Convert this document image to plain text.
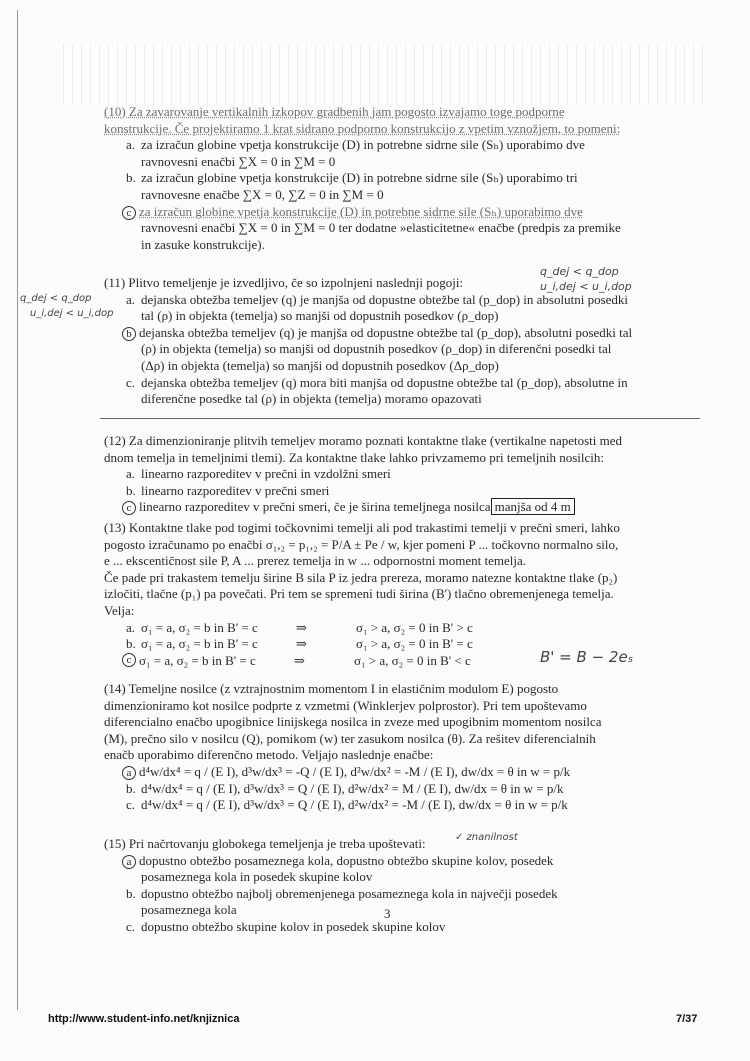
(10) Za zavarovanje vertikalnih izkopov gradbenih jam pogosto izvajamo toge podporne
konstrukcije. Če projektiramo 1 krat sidrano podporno konstrukcijo z vpetim vznožjem, to pomeni:
a. za izračun globine vpetja konstrukcije (D) in potrebne sidrne sile (Sₕ) uporabimo dve
ravnovesni enačbi ∑X = 0 in ∑M = 0
b. za izračun globine vpetja konstrukcije (D) in potrebne sidrne sile (Sₕ) uporabimo tri
ravnovesne enačbe ∑X = 0, ∑Z = 0 in ∑M = 0
c za izračun globine vpetja konstrukcije (D) in potrebne sidrne sile (Sₕ) uporabimo dve
ravnovesni enačbi ∑X = 0 in ∑M = 0 ter dodatne »elasticitetne« enačbe (predpis za premike
in zasuke konstrukcije).
(11) Plitvo temeljenje je izvedljivo, če so izpolnjeni naslednji pogoji:
a. dejanska obtežba temeljev (q) je manjša od dopustne obtežbe tal (p_dop) in absolutni posedki
tal (ρ) in objekta (temelja) so manjši od dopustnih posedkov (ρ_dop)
b dejanska obtežba temeljev (q) je manjša od dopustne obtežbe tal (p_dop), absolutni posedki tal
(ρ) in objekta (temelja) so manjši od dopustnih posedkov (ρ_dop) in diferenčni posedki tal
(Δρ) in objekta (temelja) so manjši od dopustnih posedkov (Δρ_dop)
c. dejanska obtežba temeljev (q) mora biti manjša od dopustne obtežbe tal (p_dop), absolutne in
diferenčne posedke tal (ρ) in objekta (temelja) moramo opazovati
q_dej < q_dop
u_i,dej < u_i,dop
q_dej < q_dop
u_i,dej < u_i,dop
(12) Za dimenzioniranje plitvih temeljev moramo poznati kontaktne tlake (vertikalne napetosti med
dnom temelja in temeljnimi tlemi). Za kontaktne tlake lahko privzamemo pri temeljnih nosilcih:
a. linearno razporeditev v prečni in vzdolžni smeri
b. linearno razporeditev v prečni smeri
c linearno razporeditev v prečni smeri, če je širina temeljnega nosilca manjša od 4 m
(13) Kontaktne tlake pod togimi točkovnimi temelji ali pod trakastimi temelji v prečni smeri, lahko
pogosto izračunamo po enačbi σ₁,₂ = p₁,₂ = P/A ± Pe / w, kjer pomeni P ... točkovno normalno silo,
e ... ekscentičnost sile P, A ... prerez temelja in w ... odpornostni moment temelja.
Če pade pri trakastem temelju širine B sila P iz jedra prereza, moramo natezne kontaktne tlake (p₂)
izločiti, tlačne (p₁) pa povečati. Pri tem se spremeni tudi širina (B') tlačno obremenjenega temelja.
Velja:
a. σ₁ = a, σ₂ = b in B' = c	⇒	σ₁ > a, σ₂ = 0 in B' > c
b. σ₁ = a, σ₂ = b in B' = c	⇒	σ₁ > a, σ₂ = 0 in B' = c
c σ₁ = a, σ₂ = b in B' = c	⇒	σ₁ > a, σ₂ = 0 in B' < c	B' = B − 2eₛ
(14) Temeljne nosilce (z vztrajnostnim momentom I in elastičnim modulom E) pogosto
dimenzioniramo kot nosilce podprte z vzmetmi (Winklerjev polprostor). Pri tem upoštevamo
diferencialno enačbo upogibnice linijskega nosilca in zveze med upogibnim momentom nosilca
(M), prečno silo v nosilcu (Q), pomikom (w) ter zasukom nosilca (θ). Za rešitev diferencialnih
enačb uporabimo diferenčno metodo. Veljajo naslednje enačbe:
a d⁴w/dx⁴ = q / (E I), d³w/dx³ = -Q / (E I), d²w/dx² = -M / (E I), dw/dx = θ in w = p/k
b. d⁴w/dx⁴ = q / (E I), d³w/dx³ = Q / (E I), d²w/dx² = M / (E I), dw/dx = θ in w = p/k
c. d⁴w/dx⁴ = q / (E I), d³w/dx³ = Q / (E I), d²w/dx² = -M / (E I), dw/dx = θ in w = p/k
(15) Pri načrtovanju globokega temeljenja je treba upoštevati:
a dopustno obtežbo posameznega kola, dopustno obtežbo skupine kolov, posedek
posameznega kola in posedek skupine kolov
b. dopustno obtežbo najbolj obremenjenega posameznega kola in največji posedek
posameznega kola
c. dopustno obtežbo skupine kolov in posedek skupine kolov
✓ znanilnost
3
http://www.student-info.net/knjiznica	7/37
